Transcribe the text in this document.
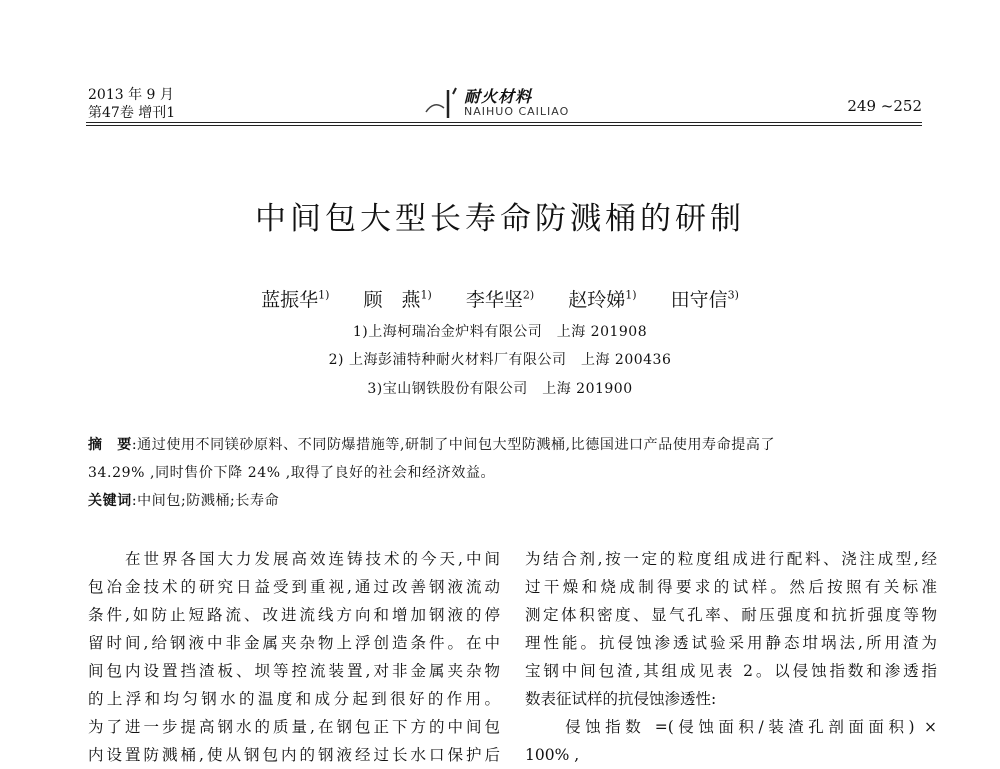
2013 年 9 月
第47卷 增刊1
耐火材料
NAIHUO CAILIAO	249 ~252
中间包大型长寿命防溅桶的研制
蓝振华$^{1)}$ 顾　燕$^{1)}$ 李华坚$^{2)}$ 赵玲娣$^{1)}$ 田守信$^{3)}$
1)上海柯瑞冶金炉料有限公司　上海 201908
2) 上海彭浦特种耐火材料厂有限公司　上海 200436
3)宝山钢铁股份有限公司　上海 201900
摘　要:通过使用不同镁砂原料、不同防爆措施等,研制了中间包大型防溅桶,比德国进口产品使用寿命提高了
34.29% ,同时售价下降 24% ,取得了良好的社会和经济效益。
关键词:中间包;防溅桶;长寿命
　　在世界各国大力发展高效连铸技术的今天,中间
包冶金技术的研究日益受到重视,通过改善钢液流动
条件,如防止短路流、改进流线方向和增加钢液的停
留时间,给钢液中非金属夹杂物上浮创造条件。在中
间包内设置挡渣板、坝等控流装置,对非金属夹杂物
的上浮和均匀钢水的温度和成分起到很好的作用。
为了进一步提高钢水的质量,在钢包正下方的中间包
内设置防溅桶,使从钢包内的钢液经过长水口保护后
为结合剂,按一定的粒度组成进行配料、浇注成型,经
过干燥和烧成制得要求的试样。然后按照有关标准
测定体积密度、显气孔率、耐压强度和抗折强度等物
理性能。抗侵蚀渗透试验采用静态坩埚法,所用渣为
宝钢中间包渣,其组成见表 2。以侵蚀指数和渗透指
数表征试样的抗侵蚀渗透性:
　　侵蚀指数 =(侵蚀面积/装渣孔剖面面积) ×
100% ,
